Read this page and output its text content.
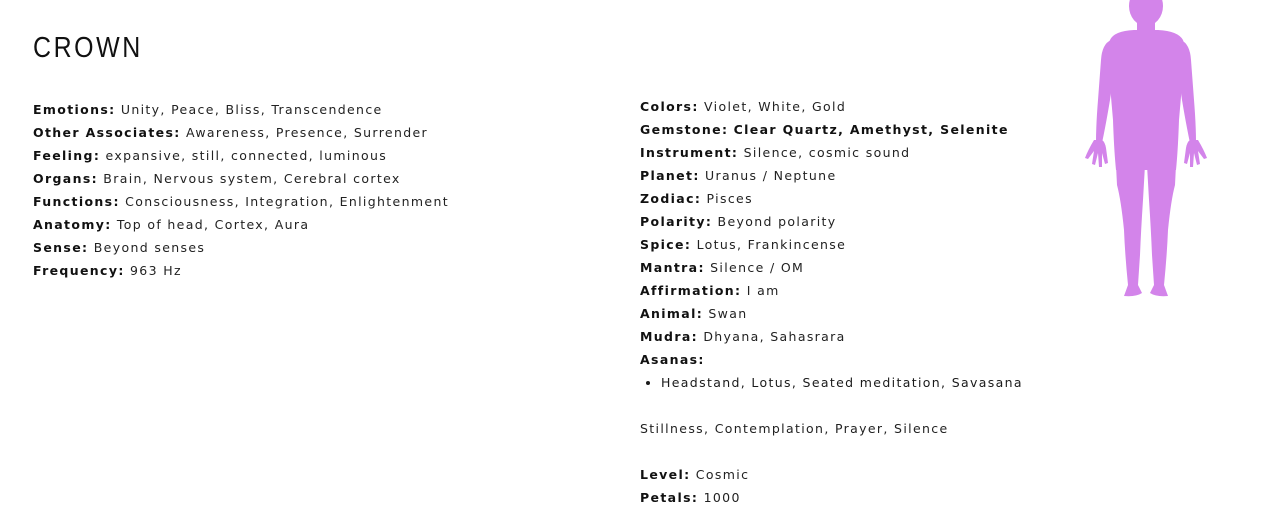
CROWN
Emotions: Unity, Peace, Bliss, Transcendence
Other Associates: Awareness, Presence, Surrender
Feeling: expansive, still, connected, luminous
Organs: Brain, Nervous system, Cerebral cortex
Functions: Consciousness, Integration, Enlightenment
Anatomy: Top of head, Cortex, Aura
Sense: Beyond senses
Frequency: 963 Hz
Colors: Violet, White, Gold
Gemstone: Clear Quartz, Amethyst, Selenite
Instrument: Silence, cosmic sound
Planet: Uranus / Neptune
Zodiac: Pisces
Polarity: Beyond polarity
Spice: Lotus, Frankincense
Mantra: Silence / OM
Affirmation: I am
Animal: Swan
Mudra: Dhyana, Sahasrara
Asanas:
• Headstand, Lotus, Seated meditation, Savasana
Stillness, Contemplation, Prayer, Silence
Level: Cosmic
Petals: 1000
